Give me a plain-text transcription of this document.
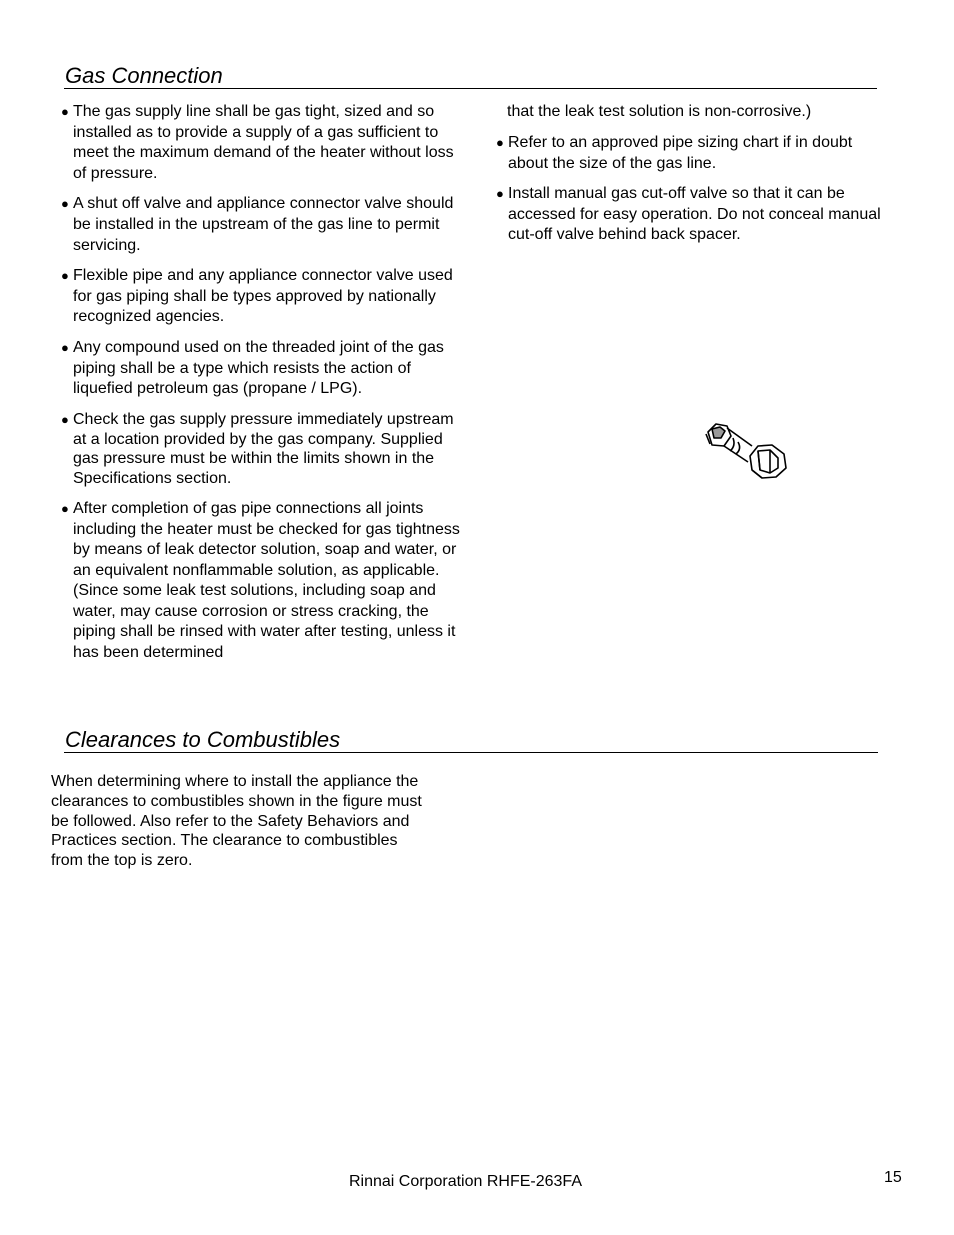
Gas Connection
● The gas supply line shall be gas tight, sized and so installed as to provide a supply of a gas sufficient to meet the maximum demand of the heater without loss of pressure.
● A shut off valve and appliance connector valve should be installed in the upstream of the gas line to permit servicing.
● Flexible pipe and any appliance connector valve used for gas piping shall be types approved by nationally recognized agencies.
● Any compound used on the threaded joint of the gas piping shall be a type which resists the action of liquefied petroleum gas (propane / LPG).
● Check the gas supply pressure immediately upstream at a location provided by the gas company. Supplied gas pressure must be within the limits shown in the Specifications section.
● After completion of gas pipe connections all joints including the heater must be checked for gas tightness by means of leak detector solution, soap and water, or an equivalent nonflammable solution, as applicable. (Since some leak test solutions, including soap and water, may cause corrosion or stress cracking, the piping shall be rinsed with water after testing, unless it has been determined

that the leak test solution is non-corrosive.)

● Refer to an approved pipe sizing chart if in doubt about the size of the gas line.
● Install manual gas cut-off valve so that it can be accessed for easy operation. Do not conceal manual cut-off valve behind back spacer.
Clearances to Combustibles

When determining where to install the appliance the clearances to combustibles shown in the figure must be followed. Also refer to the Safety Behaviors and Practices section. The clearance to combustibles from the top is zero.

Rinnai Corporation RHFE-263FA	15
